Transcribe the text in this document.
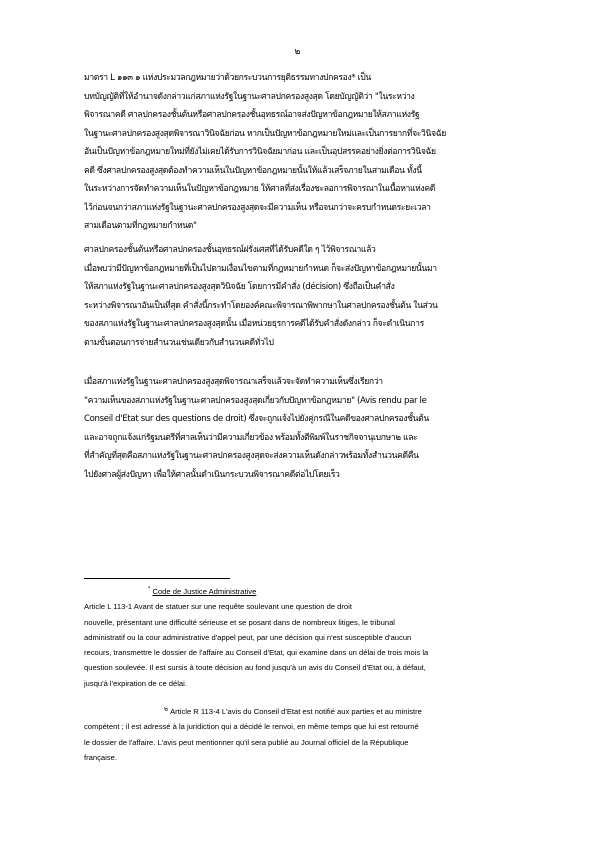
๒
มาตรา L ๑๑๓ ๑ แห่งประมวลกฎหมายว่าด้วยกระบวนการยุติธรรมทางปกครอง* เป็น
บทบัญญัติที่ให้อำนาจดังกล่าวแก่สภาแห่งรัฐในฐานะศาลปกครองสูงสุด โดยบัญญัติว่า "ในระหว่าง
พิจารณาคดี ศาลปกครองชั้นต้นหรือศาลปกครองชั้นอุทธรณ์อาจส่งปัญหาข้อกฎหมายให้สภาแห่งรัฐ
ในฐานะศาลปกครองสูงสุดพิจารณาวินิจฉัยก่อน หากเป็นปัญหาข้อกฎหมายใหม่และเป็นการยากที่จะวินิจฉัย
อันเป็นปัญหาข้อกฎหมายใหม่ที่ยังไม่เคยได้รับการวินิจฉัยมาก่อน และเป็นอุปสรรคอย่างยิ่งต่อการวินิจฉัย
คดี ซึ่งศาลปกครองสูงสุดต้องทำความเห็นในปัญหาข้อกฎหมายนั้นให้แล้วเสร็จภายในสามเดือน ทั้งนี้
ในระหว่างการจัดทำความเห็นในปัญหาข้อกฎหมาย ให้ศาลที่ส่งเรื่องชะลอการพิจารณาในเนื้อหาแห่งคดี
ไว้ก่อนจนกว่าสภาแห่งรัฐในฐานะศาลปกครองสูงสุดจะมีความเห็น หรือจนกว่าจะครบกำหนดระยะเวลา
สามเดือนตามที่กฎหมายกำหนด"
ศาลปกครองชั้นต้นหรือศาลปกครองชั้นอุทธรณ์ฝรั่งเศสที่ได้รับคดีใด ๆ ไว้พิจารณาแล้ว
เมื่อพบว่ามีปัญหาข้อกฎหมายที่เป็นไปตามเงื่อนไขตามที่กฎหมายกำหนด ก็จะส่งปัญหาข้อกฎหมายนั้นมา
ให้สภาแห่งรัฐในฐานะศาลปกครองสูงสุดวินิจฉัย โดยการมีคำสั่ง (décision) ซึ่งถือเป็นคำสั่ง
ระหว่างพิจารณาอันเป็นที่สุด คำสั่งนี้กระทำโดยองค์คณะพิจารณาพิพากษาในศาลปกครองชั้นต้น ในส่วน
ของสภาแห่งรัฐในฐานะศาลปกครองสูงสุดนั้น เมื่อหน่วยธุรการคดีได้รับคำสั่งดังกล่าว ก็จะดำเนินการ
ตามขั้นตอนการจ่ายสำนวนเช่นเดียวกับสำนวนคดีทั่วไป
เมื่อสภาแห่งรัฐในฐานะศาลปกครองสูงสุดพิจารณาเสร็จแล้วจะจัดทำความเห็นซึ่งเรียกว่า
"ความเห็นของสภาแห่งรัฐในฐานะศาลปกครองสูงสุดเกี่ยวกับปัญหาข้อกฎหมาย" (Avis rendu par le
Conseil d'Etat sur des questions de droit) ซึ่งจะถูกแจ้งไปยังคู่กรณีในคดีของศาลปกครองชั้นต้น
และอาจถูกแจ้งแก่รัฐมนตรีที่ศาลเห็นว่ามีความเกี่ยวข้อง พร้อมทั้งตีพิมพ์ในราชกิจจานุเบกษา๒ และ
ที่สำคัญที่สุดคือสภาแห่งรัฐในฐานะศาลปกครองสูงสุดจะส่งความเห็นดังกล่าวพร้อมทั้งสำนวนคดีคืน
ไปยังศาลผู้ส่งปัญหา เพื่อให้ศาลนั้นดำเนินกระบวนพิจารณาคดีต่อไปโดยเร็ว
* Code de Justice Administrative
Article L 113-1 Avant de statuer sur une requête soulevant une question de droit
nouvelle, présentant une difficulté sérieuse et se posant dans de nombreux litiges, le tribunal
administratif ou la cour administrative d'appel peut, par une décision qui n'est susceptible d'aucun
recours, transmettre le dossier de l'affaire au Conseil d'Etat, qui examine dans un délai de trois mois la
question soulevée. Il est sursis à toute décision au fond jusqu'à un avis du Conseil d'Etat ou, à défaut,
jusqu'à l'expiration de ce délai.
$^๒$ Article R 113-4 L'avis du Conseil d'Etat est notifié aux parties et au ministre
compétent ; il est adressé à la juridiction qui a décidé le renvoi, en même temps que lui est retourné
le dossier de l'affaire. L'avis peut mentionner qu'il sera publié au Journal officiel de la République
française.
